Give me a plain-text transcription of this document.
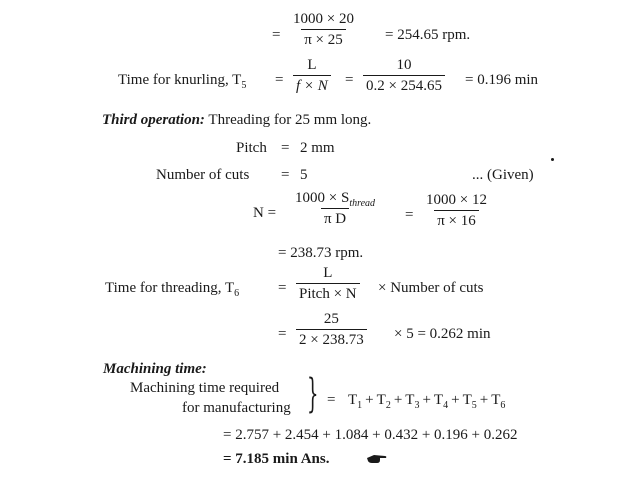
= $\frac{1000 \times 20}{\pi \times 25} = 254.65$ rpm.
Time for knurling, $T_5 = \frac{L}{f \times N} = \frac{10}{0.2 \times 254.65} = 0.196$ min
Third operation: Threading for 25 mm long.
Pitch = 2 mm
Number of cuts = 5	... (Given)
N =
$1000 \times S_{thread}$
π D	= $\frac{1000 \times 12}{\pi \times 16}$
= 238.73 rpm.
Time for threading, $T_6$	=
L
Pitch × N × Number of cuts
= $\frac{25}{2 \times 238.73} \times 5 = 0.262$ min
Machining time:
Machining time required
for manufacturing } = $T_1 + T_2 + T_3 + T_4 + T_5 + T_6$
= 2.757 + 2.454 + 1.084 + 0.432 + 0.196 + 0.262
= 7.185 min Ans.
